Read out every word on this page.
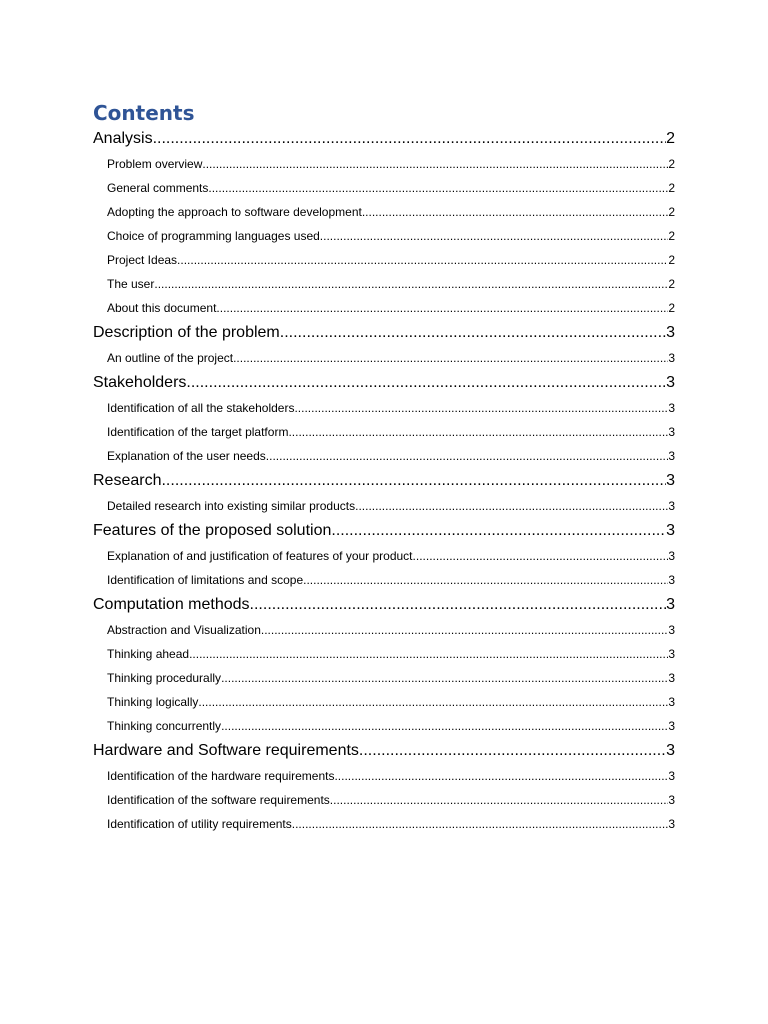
Contents
Analysis .....	2
Problem overview .....	2
General comments .....	2
Adopting the approach to software development .....	2
Choice of programming languages used .....	2
Project Ideas .....	2
The user .....	2
About this document .....	2
Description of the problem .....	3
An outline of the project .....	3
Stakeholders .....	3
Identification of all the stakeholders .....	3
Identification of the target platform .....	3
Explanation of the user needs .....	3
Research .....	3
Detailed research into existing similar products .....	3
Features of the proposed solution .....	3
Explanation of and justification of features of your product .....	3
Identification of limitations and scope .....	3
Computation methods .....	3
Abstraction and Visualization .....	3
Thinking ahead .....	3
Thinking procedurally .....	3
Thinking logically .....	3
Thinking concurrently .....	3
Hardware and Software requirements .....	3
Identification of the hardware requirements .....	3
Identification of the software requirements .....	3
Identification of utility requirements .....	3
